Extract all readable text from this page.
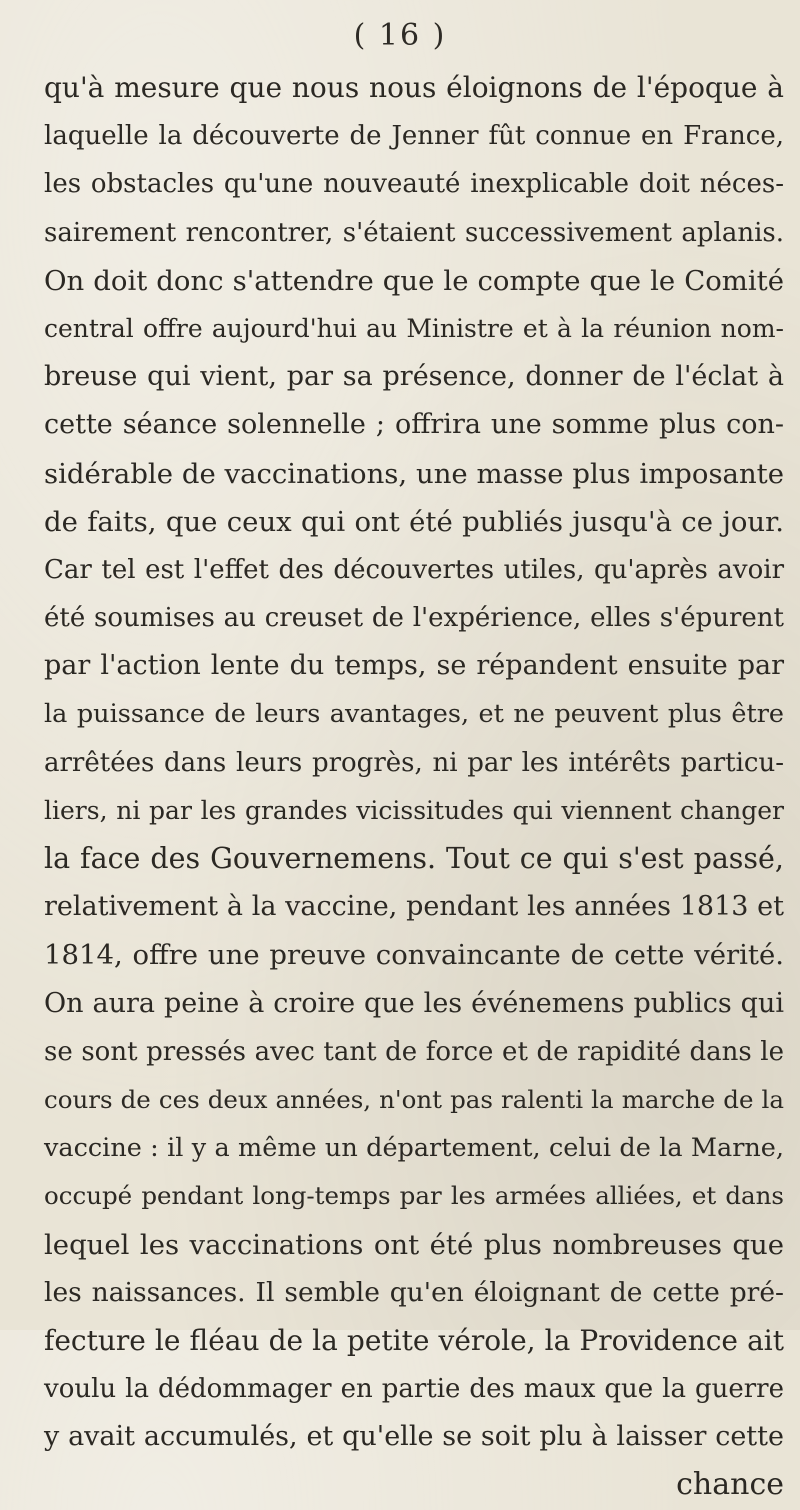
( 16 )
qu'à mesure que nous nous éloignons de l'époque à
laquelle la découverte de Jenner fût connue en France,
les obstacles qu'une nouveauté inexplicable doit néces-
sairement rencontrer, s'étaient successivement aplanis.
On doit donc s'attendre que le compte que le Comité
central offre aujourd'hui au Ministre et à la réunion nom-
breuse qui vient, par sa présence, donner de l'éclat à
cette séance solennelle ; offrira une somme plus con-
sidérable de vaccinations, une masse plus imposante
de faits, que ceux qui ont été publiés jusqu'à ce jour.
Car tel est l'effet des découvertes utiles, qu'après avoir
été soumises au creuset de l'expérience, elles s'épurent
par l'action lente du temps, se répandent ensuite par
la puissance de leurs avantages, et ne peuvent plus être
arrêtées dans leurs progrès, ni par les intérêts particu-
liers, ni par les grandes vicissitudes qui viennent changer
la face des Gouvernemens. Tout ce qui s'est passé,
relativement à la vaccine, pendant les années 1813 et
1814, offre une preuve convaincante de cette vérité.
On aura peine à croire que les événemens publics qui
se sont pressés avec tant de force et de rapidité dans le
cours de ces deux années, n'ont pas ralenti la marche de la
vaccine : il y a même un département, celui de la Marne,
occupé pendant long-temps par les armées alliées, et dans
lequel les vaccinations ont été plus nombreuses que
les naissances. Il semble qu'en éloignant de cette pré-
fecture le fléau de la petite vérole, la Providence ait
voulu la dédommager en partie des maux que la guerre
y avait accumulés, et qu'elle se soit plu à laisser cette
chance
